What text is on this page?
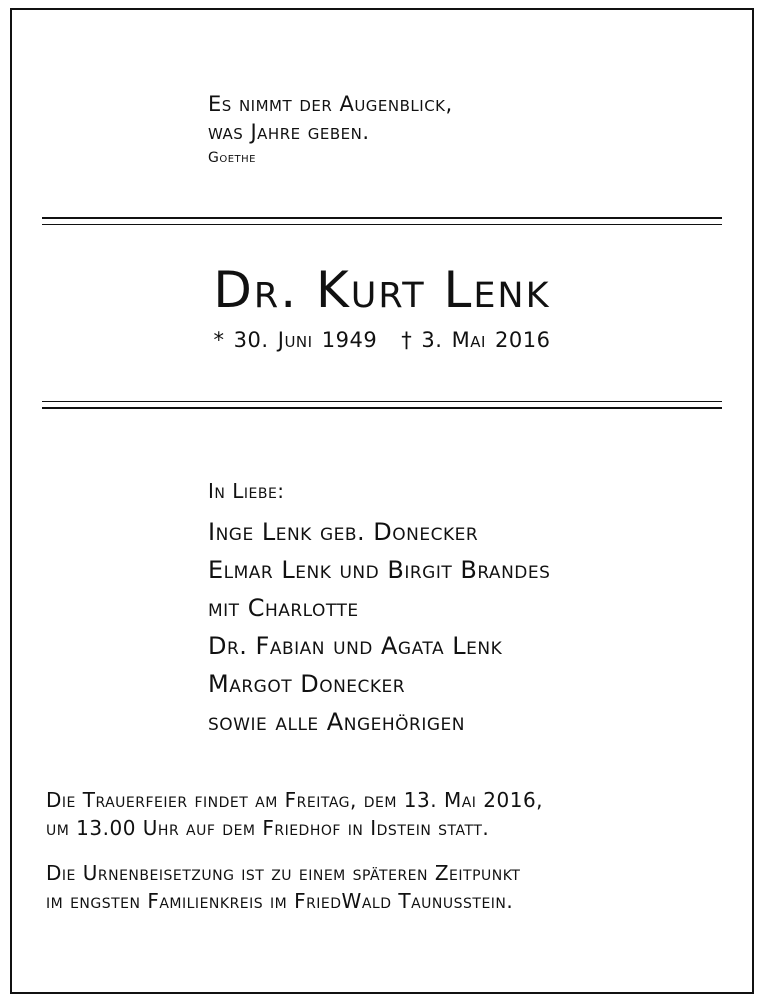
Es nimmt der Augenblick,
was Jahre geben.
Goethe
Dr. Kurt Lenk
* 30. Juni 1949 † 3. Mai 2016
In Liebe:
Inge Lenk geb. Donecker
Elmar Lenk und Birgit Brandes
mit Charlotte
Dr. Fabian und Agata Lenk
Margot Donecker
sowie alle Angehörigen
Die Trauerfeier findet am Freitag, dem 13. Mai 2016,
um 13.00 Uhr auf dem Friedhof in Idstein statt.
Die Urnenbeisetzung ist zu einem späteren Zeitpunkt
im engsten Familienkreis im FriedWald Taunusstein.
